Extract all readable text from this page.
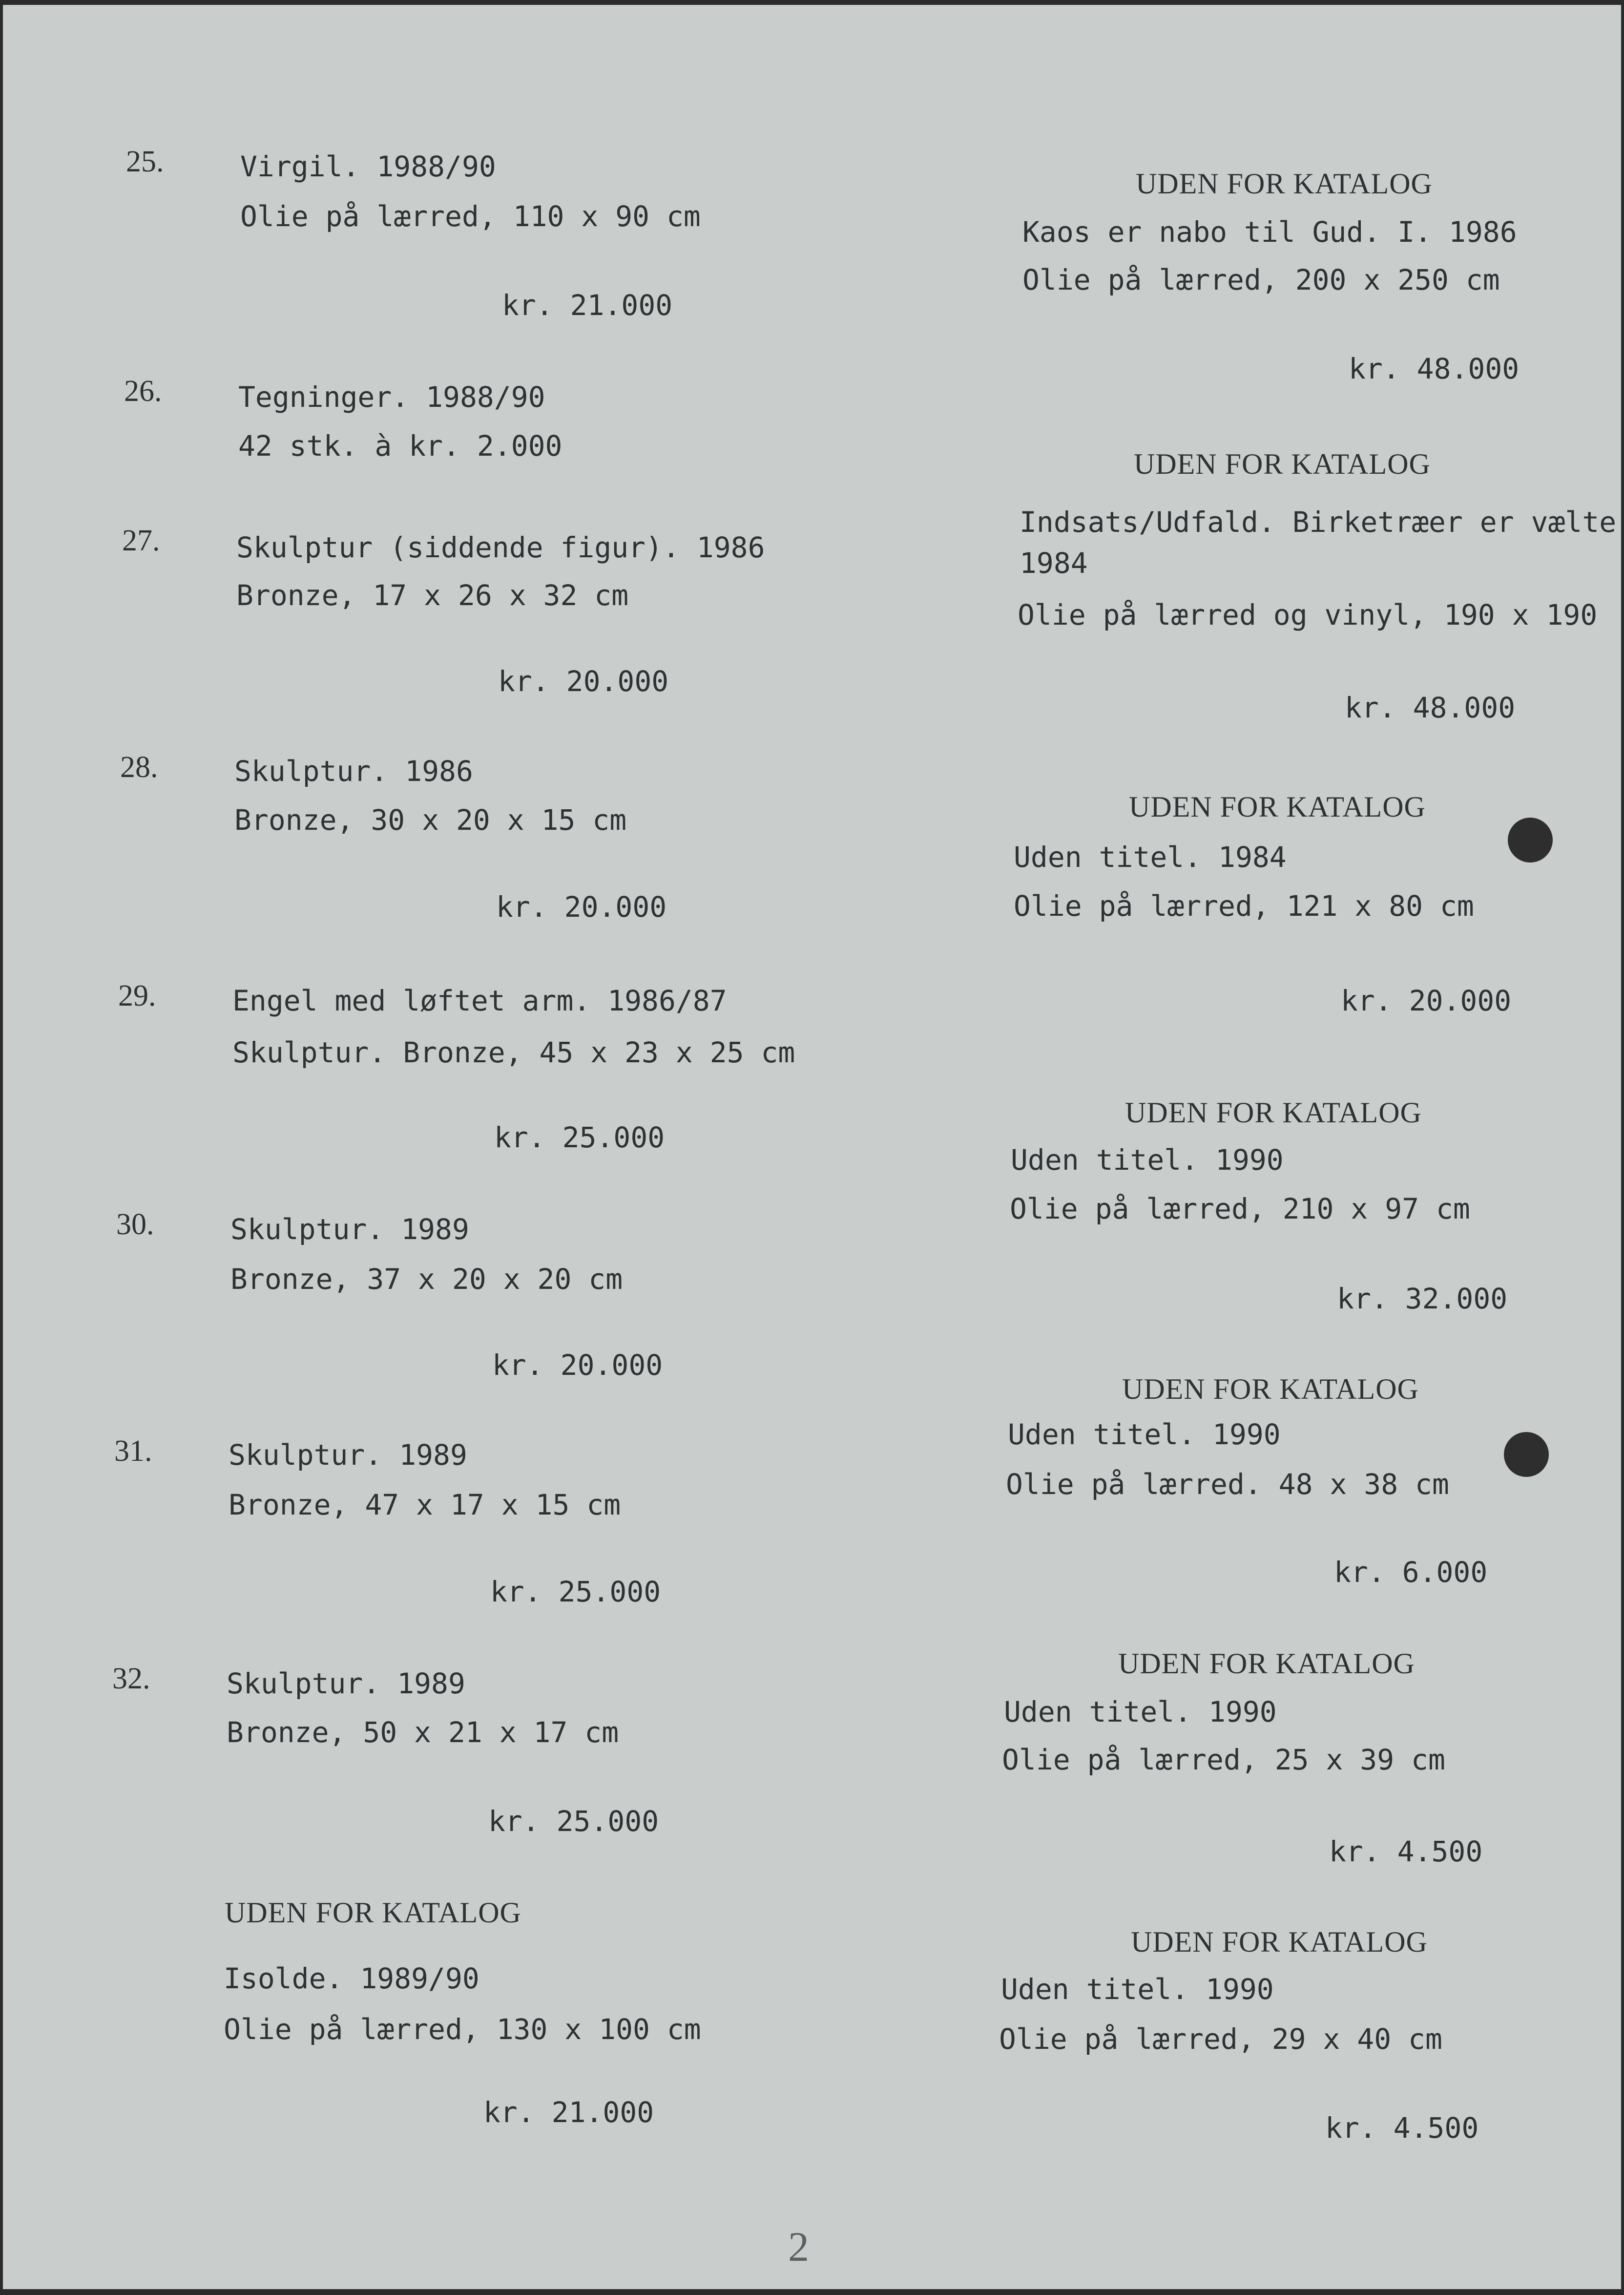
25.	Virgil. 1988/90
Olie på lærred, 110 x 90 cm
kr. 21.000
26.	Tegninger. 1988/90
42 stk. à kr. 2.000
27.	Skulptur (siddende figur). 1986
Bronze, 17 x 26 x 32 cm
kr. 20.000
28.	Skulptur. 1986
Bronze, 30 x 20 x 15 cm
kr. 20.000
29.	Engel med løftet arm. 1986/87
Skulptur. Bronze, 45 x 23 x 25 cm
kr. 25.000
30.	Skulptur. 1989
Bronze, 37 x 20 x 20 cm
kr. 20.000
31.	Skulptur. 1989
Bronze, 47 x 17 x 15 cm
kr. 25.000
32.	Skulptur. 1989
Bronze, 50 x 21 x 17 cm
kr. 25.000
UDEN FOR KATALOG
Isolde. 1989/90
Olie på lærred, 130 x 100 cm
kr. 21.000
UDEN FOR KATALOG
Kaos er nabo til Gud. I. 1986
Olie på lærred, 200 x 250 cm
kr. 48.000
UDEN FOR KATALOG
Indsats/Udfald. Birketræer er vælte
1984
Olie på lærred og vinyl, 190 x 190
kr. 48.000
UDEN FOR KATALOG
Uden titel. 1984
Olie på lærred, 121 x 80 cm
kr. 20.000
UDEN FOR KATALOG
Uden titel. 1990
Olie på lærred, 210 x 97 cm
kr. 32.000
UDEN FOR KATALOG
Uden titel. 1990
Olie på lærred. 48 x 38 cm
kr. 6.000
UDEN FOR KATALOG
Uden titel. 1990
Olie på lærred, 25 x 39 cm
kr. 4.500
UDEN FOR KATALOG
Uden titel. 1990
Olie på lærred, 29 x 40 cm
kr. 4.500
2
